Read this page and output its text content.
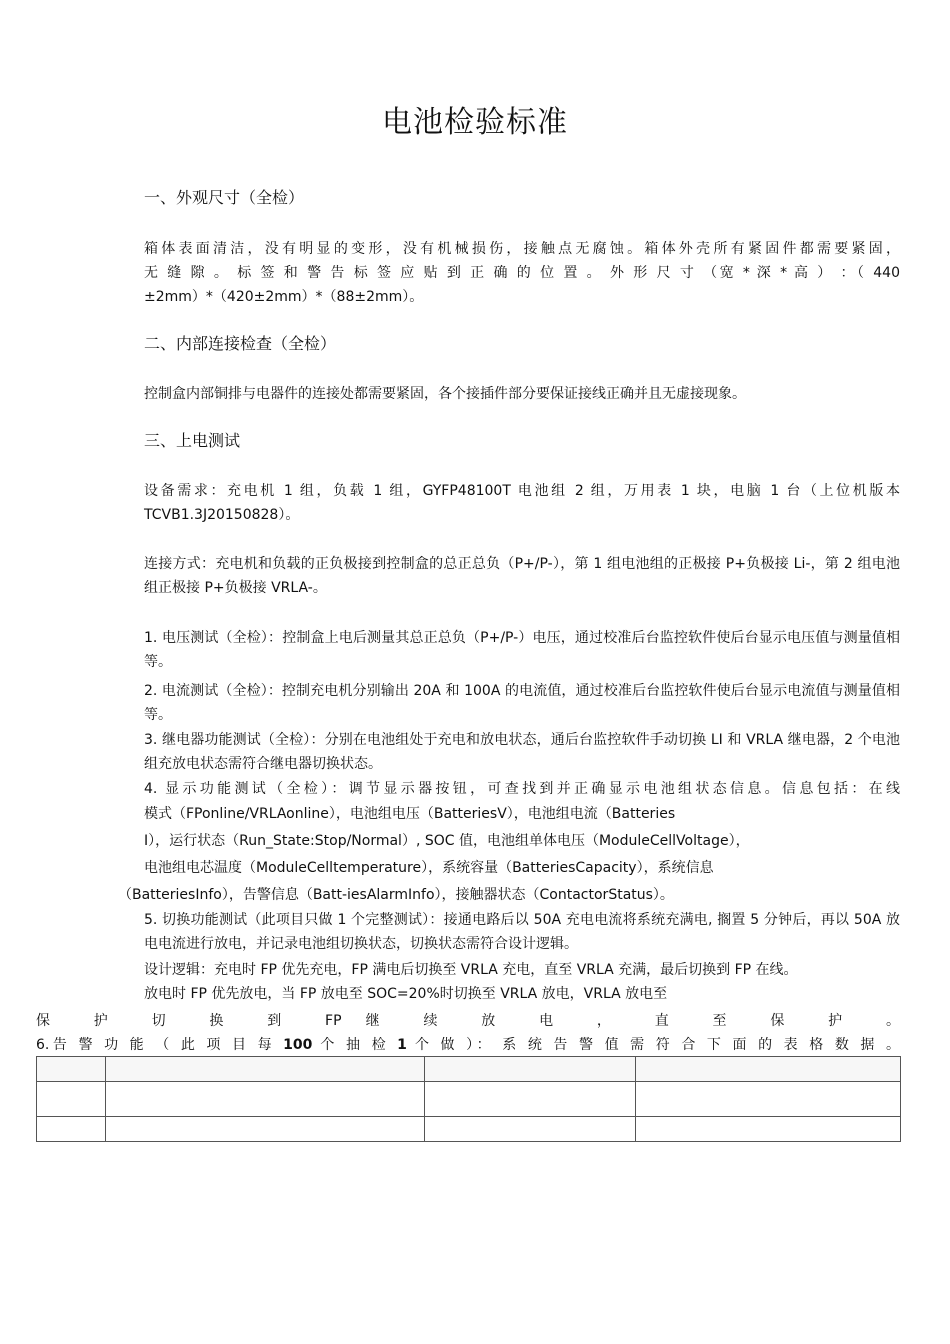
电池检验标准
一、外观尺寸（全检）
箱体表面清洁，没有明显的变形，没有机械损伤，接触点无腐蚀。箱体外壳所有紧固件都需要紧固，
无 缝 隙 。 标 签 和 警 告 标 签 应 贴 到 正 确 的 位 置 。 外 形 尺 寸 （宽 * 深 * 高 ） ：（ 440
±2mm）*（420±2mm）*（88±2mm）。
二、内部连接检查（全检）
控制盒内部铜排与电器件的连接处都需要紧固，各个接插件部分要保证接线正确并且无虚接现象。
三、上电测试
设备需求：充电机 1 组，负载 1 组，GYFP48100T 电池组 2 组，万用表 1 块，电脑 1 台（上位机版本 TCVB1.3J20150828）。
连接方式：充电机和负载的正负极接到控制盒的总正总负（P+/P-），第 1 组电池组的正极接 P+负极接 Li-，第 2 组电池组正极接 P+负极接 VRLA-。
1. 电压测试（全检）：控制盒上电后测量其总正总负（P+/P-）电压，通过校准后台监控软件使后台显示电压值与测量值相等。
2. 电流测试（全检）：控制充电机分别输出 20A 和 100A 的电流值，通过校准后台监控软件使后台显示电流值与测量值相等。
3. 继电器功能测试（全检）：分别在电池组处于充电和放电状态，通后台监控软件手动切换 LI 和 VRLA 继电器，2 个电池组充放电状态需符合继电器切换状态。
4. 显示功能测试（全检）：调节显示器按钮，可查找到并正确显示电池组状态信息。信息包括：在线
模式（FPonline/VRLAonline），电池组电压（BatteriesV），电池组电流（Batteries
I），运行状态（Run_State:Stop/Normal）, SOC 值，电池组单体电压（ModuleCellVoltage），
电池组电芯温度（ModuleCelltemperature），系统容量（BatteriesCapacity），系统信息
（BatteriesInfo），告警信息（Batt-iesAlarmInfo），接触器状态（ContactorStatus）。
5. 切换功能测试（此项目只做 1 个完整测试）：接通电路后以 50A 充电电流将系统充满电, 搁置 5 分钟后，再以 50A 放电电流进行放电，并记录电池组切换状态，切换状态需符合设计逻辑。
设计逻辑：充电时 FP 优先充电，FP 满电后切换至 VRLA 充电，直至 VRLA 充满，最后切换到 FP 在线。
放电时 FP 优先放电，当 FP 放电至 SOC=20%时切换至 VRLA 放电，VRLA 放电至
保 护 切 换 到 FP 继 续 放 电 ， 直 至 保 护 。
6.告 警 功 能 （ 此 项 目 每 100 个 抽 检 1 个 做 ）： 系 统 告 警 值 需 符 合 下 面 的 表 格 数 据 。
